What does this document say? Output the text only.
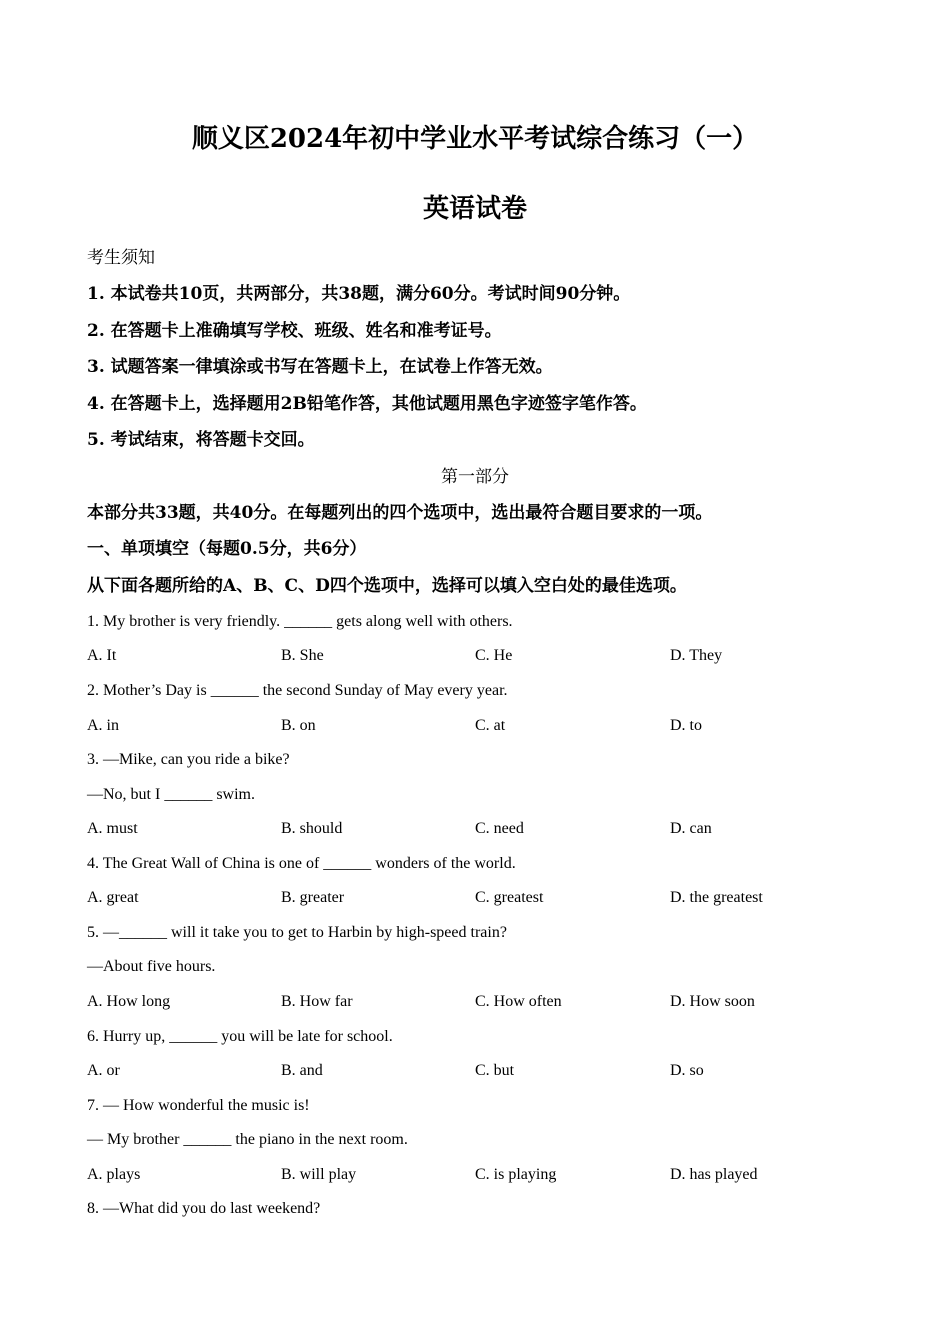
顺义区2024年初中学业水平考试综合练习（一）
英语试卷
考生须知
1. 本试卷共10页，共两部分，共38题，满分60分。考试时间90分钟。
2. 在答题卡上准确填写学校、班级、姓名和准考证号。
3. 试题答案一律填涂或书写在答题卡上，在试卷上作答无效。
4. 在答题卡上，选择题用2B铅笔作答，其他试题用黑色字迹签字笔作答。
5. 考试结束，将答题卡交回。
第一部分
本部分共33题，共40分。在每题列出的四个选项中，选出最符合题目要求的一项。
一、单项填空（每题0.5分，共6分）
从下面各题所给的A、B、C、D四个选项中，选择可以填入空白处的最佳选项。
1. My brother is very friendly. ______ gets along well with others.
A. It	B. She	C. He	D. They
2. Mother’s Day is ______ the second Sunday of May every year.
A. in	B. on	C. at	D. to
3. —Mike, can you ride a bike?
—No, but I ______ swim.
A. must	B. should	C. need	D. can
4. The Great Wall of China is one of ______ wonders of the world.
A. great	B. greater	C. greatest	D. the greatest
5. —______ will it take you to get to Harbin by high-speed train?
—About five hours.
A. How long	B. How far	C. How often	D. How soon
6. Hurry up, ______ you will be late for school.
A. or	B. and	C. but	D. so
7. — How wonderful the music is!
— My brother ______ the piano in the next room.
A. plays	B. will play	C. is playing	D. has played
8. —What did you do last weekend?
